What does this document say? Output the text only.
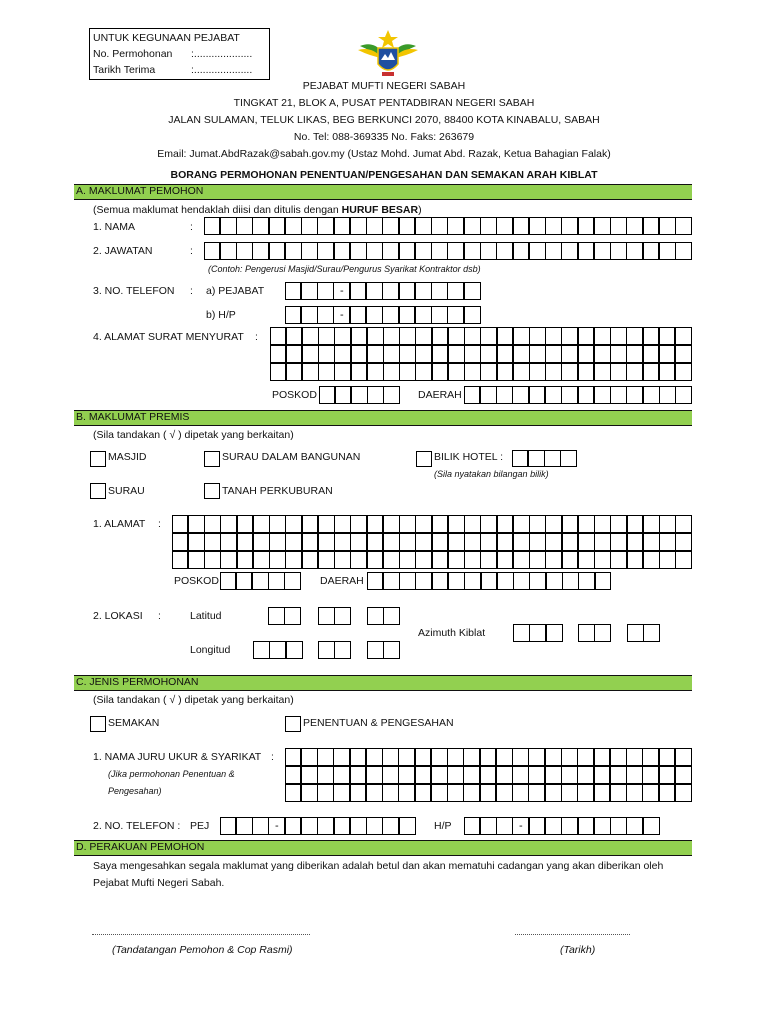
UNTUK KEGUNAAN PEJABAT
No. Permohonan	:....................
Tarikh Terima	:....................
PEJABAT MUFTI NEGERI SABAH
TINGKAT 21, BLOK A, PUSAT PENTADBIRAN NEGERI SABAH
JALAN SULAMAN, TELUK LIKAS, BEG BERKUNCI 2070, 88400 KOTA KINABALU, SABAH
No. Tel: 088-369335 No. Faks: 263679
Email: Jumat.AbdRazak@sabah.gov.my (Ustaz Mohd. Jumat Abd. Razak, Ketua Bahagian Falak)
BORANG PERMOHONAN PENENTUAN/PENGESAHAN DAN SEMAKAN ARAH KIBLAT
A. MAKLUMAT PEMOHON
(Semua maklumat hendaklah diisi dan ditulis dengan HURUF BESAR)
1. NAMA	:
2. JAWATAN	:
(Contoh: Pengerusi Masjid/Surau/Pengurus Syarikat Kontraktor dsb)
3. NO. TELEFON : a) PEJABAT	-
b) H/P	-
4. ALAMAT SURAT MENYURAT :
POSKOD	DAERAH
B. MAKLUMAT PREMIS
(Sila tandakan ( √ ) dipetak yang berkaitan)
MASJID	SURAU DALAM BANGUNAN	BILIK HOTEL :
(Sila nyatakan bilangan bilik)
SURAU	TANAH PERKUBURAN
1. ALAMAT :
POSKOD	DAERAH
2. LOKASI :	Latitud
Azimuth Kiblat
Longitud
C. JENIS PERMOHONAN
(Sila tandakan ( √ ) dipetak yang berkaitan)
SEMAKAN	PENENTUAN & PENGESAHAN
1. NAMA JURU UKUR & SYARIKAT :
(Jika permohonan Penentuan &
Pengesahan)
2. NO. TELEFON : PEJ	-	H/P	-
D. PERAKUAN PEMOHON
Saya mengesahkan segala maklumat yang diberikan adalah betul dan akan mematuhi cadangan yang akan diberikan oleh
Pejabat Mufti Negeri Sabah.
(Tandatangan Pemohon & Cop Rasmi)	(Tarikh)
